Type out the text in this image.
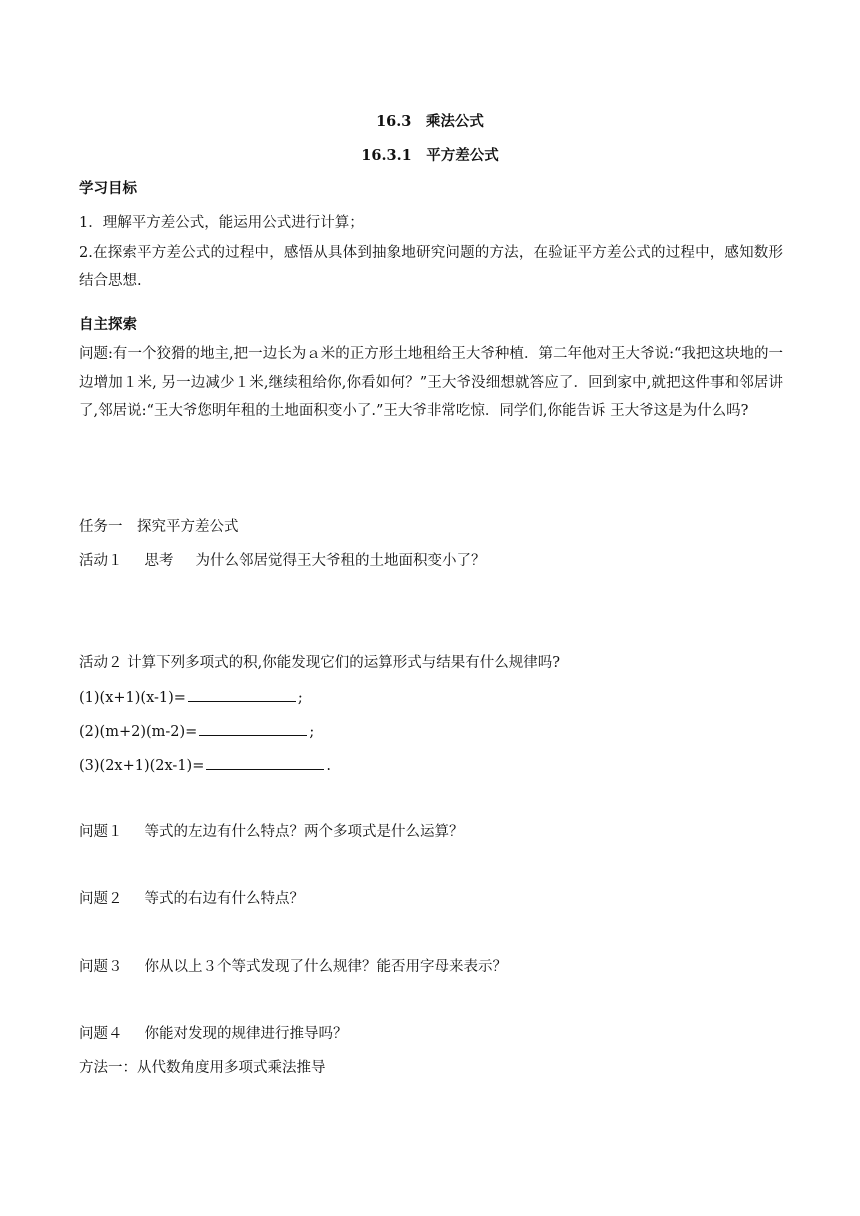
16.3　乘法公式
16.3.1　平方差公式
学习目标
1．理解平方差公式，能运用公式进行计算；
2.在探索平方差公式的过程中，感悟从具体到抽象地研究问题的方法，在验证平方差公式的过程中，感知数形结合思想.
自主探索
问题:有一个狡猾的地主,把一边长为ａ米的正方形土地租给王大爷种植．第二年他对王大爷说:“我把这块地的一边增加１米, 另一边减少１米,继续租给你,你看如何？”王大爷没细想就答应了．回到家中,就把这件事和邻居讲了,邻居说:“王大爷您明年租的土地面积变小了.”王大爷非常吃惊．同学们,你能告诉 王大爷这是为什么吗?
任务一　探究平方差公式
活动１ 思考 为什么邻居觉得王大爷租的土地面积变小了？
活动２ 计算下列多项式的积,你能发现它们的运算形式与结果有什么规律吗?
(1)(x+1)(x-1)=	;
(2)(m+2)(m-2)=	;
(3)(2x+1)(2x-1)=	.
问题１ 等式的左边有什么特点？两个多项式是什么运算？
问题２ 等式的右边有什么特点？
问题３ 你从以上３个等式发现了什么规律？能否用字母来表示？
问题４ 你能对发现的规律进行推导吗？
方法一：从代数角度用多项式乘法推导
